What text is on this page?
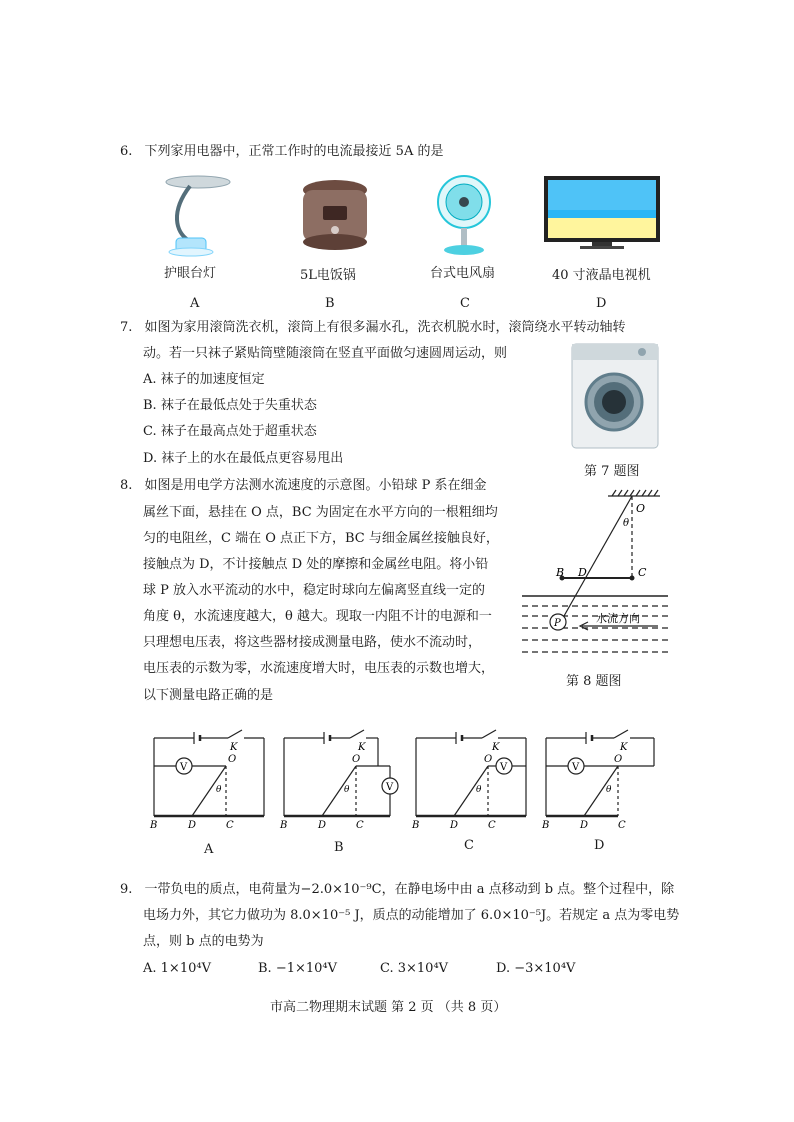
6. 下列家用电器中，正常工作时的电流最接近 5A 的是
护眼台灯	5L电饭锅	台式电风扇	40 寸液晶电视机
A	B	C	D
7. 如图为家用滚筒洗衣机，滚筒上有很多漏水孔，洗衣机脱水时，滚筒绕水平转动轴转
动。若一只袜子紧贴筒壁随滚筒在竖直平面做匀速圆周运动，则
A. 袜子的加速度恒定
B. 袜子在最低点处于失重状态
C. 袜子在最高点处于超重状态
D. 袜子上的水在最低点更容易甩出
第 7 题图
8. 如图是用电学方法测水流速度的示意图。小铅球 P 系在细金
属丝下面，悬挂在 O 点，BC 为固定在水平方向的一根粗细均
匀的电阻丝，C 端在 O 点正下方，BC 与细金属丝接触良好，
接触点为 D，不计接触点 D 处的摩擦和金属丝电阻。将小铅
球 P 放入水平流动的水中，稳定时球向左偏离竖直线一定的
角度 θ，水流速度越大，θ 越大。现取一内阻不计的电源和一
只理想电压表，将这些器材接成测量电路，使水不流动时，
电压表的示数为零，水流速度增大时，电压表的示数也增大，
以下测量电路正确的是
O
θ
B D	C
P	水流方向
第 8 题图
V
K
O
θ
B	D	C
V
K
O
θ
B	D	C
V
K
O
θ
B	D	C
V
K
O
θ
B	D	C
A	B	C	D
9. 一带负电的质点，电荷量为−2.0×10⁻⁹C，在静电场中由 a 点移动到 b 点。整个过程中，除
电场力外，其它力做功为 8.0×10⁻⁵ J，质点的动能增加了 6.0×10⁻⁵J。若规定 a 点为零电势
点，则 b 点的电势为
A. 1×10⁴V	B. −1×10⁴V	C. 3×10⁴V	D. −3×10⁴V
市高二物理期末试题 第 2 页 （共 8 页）
